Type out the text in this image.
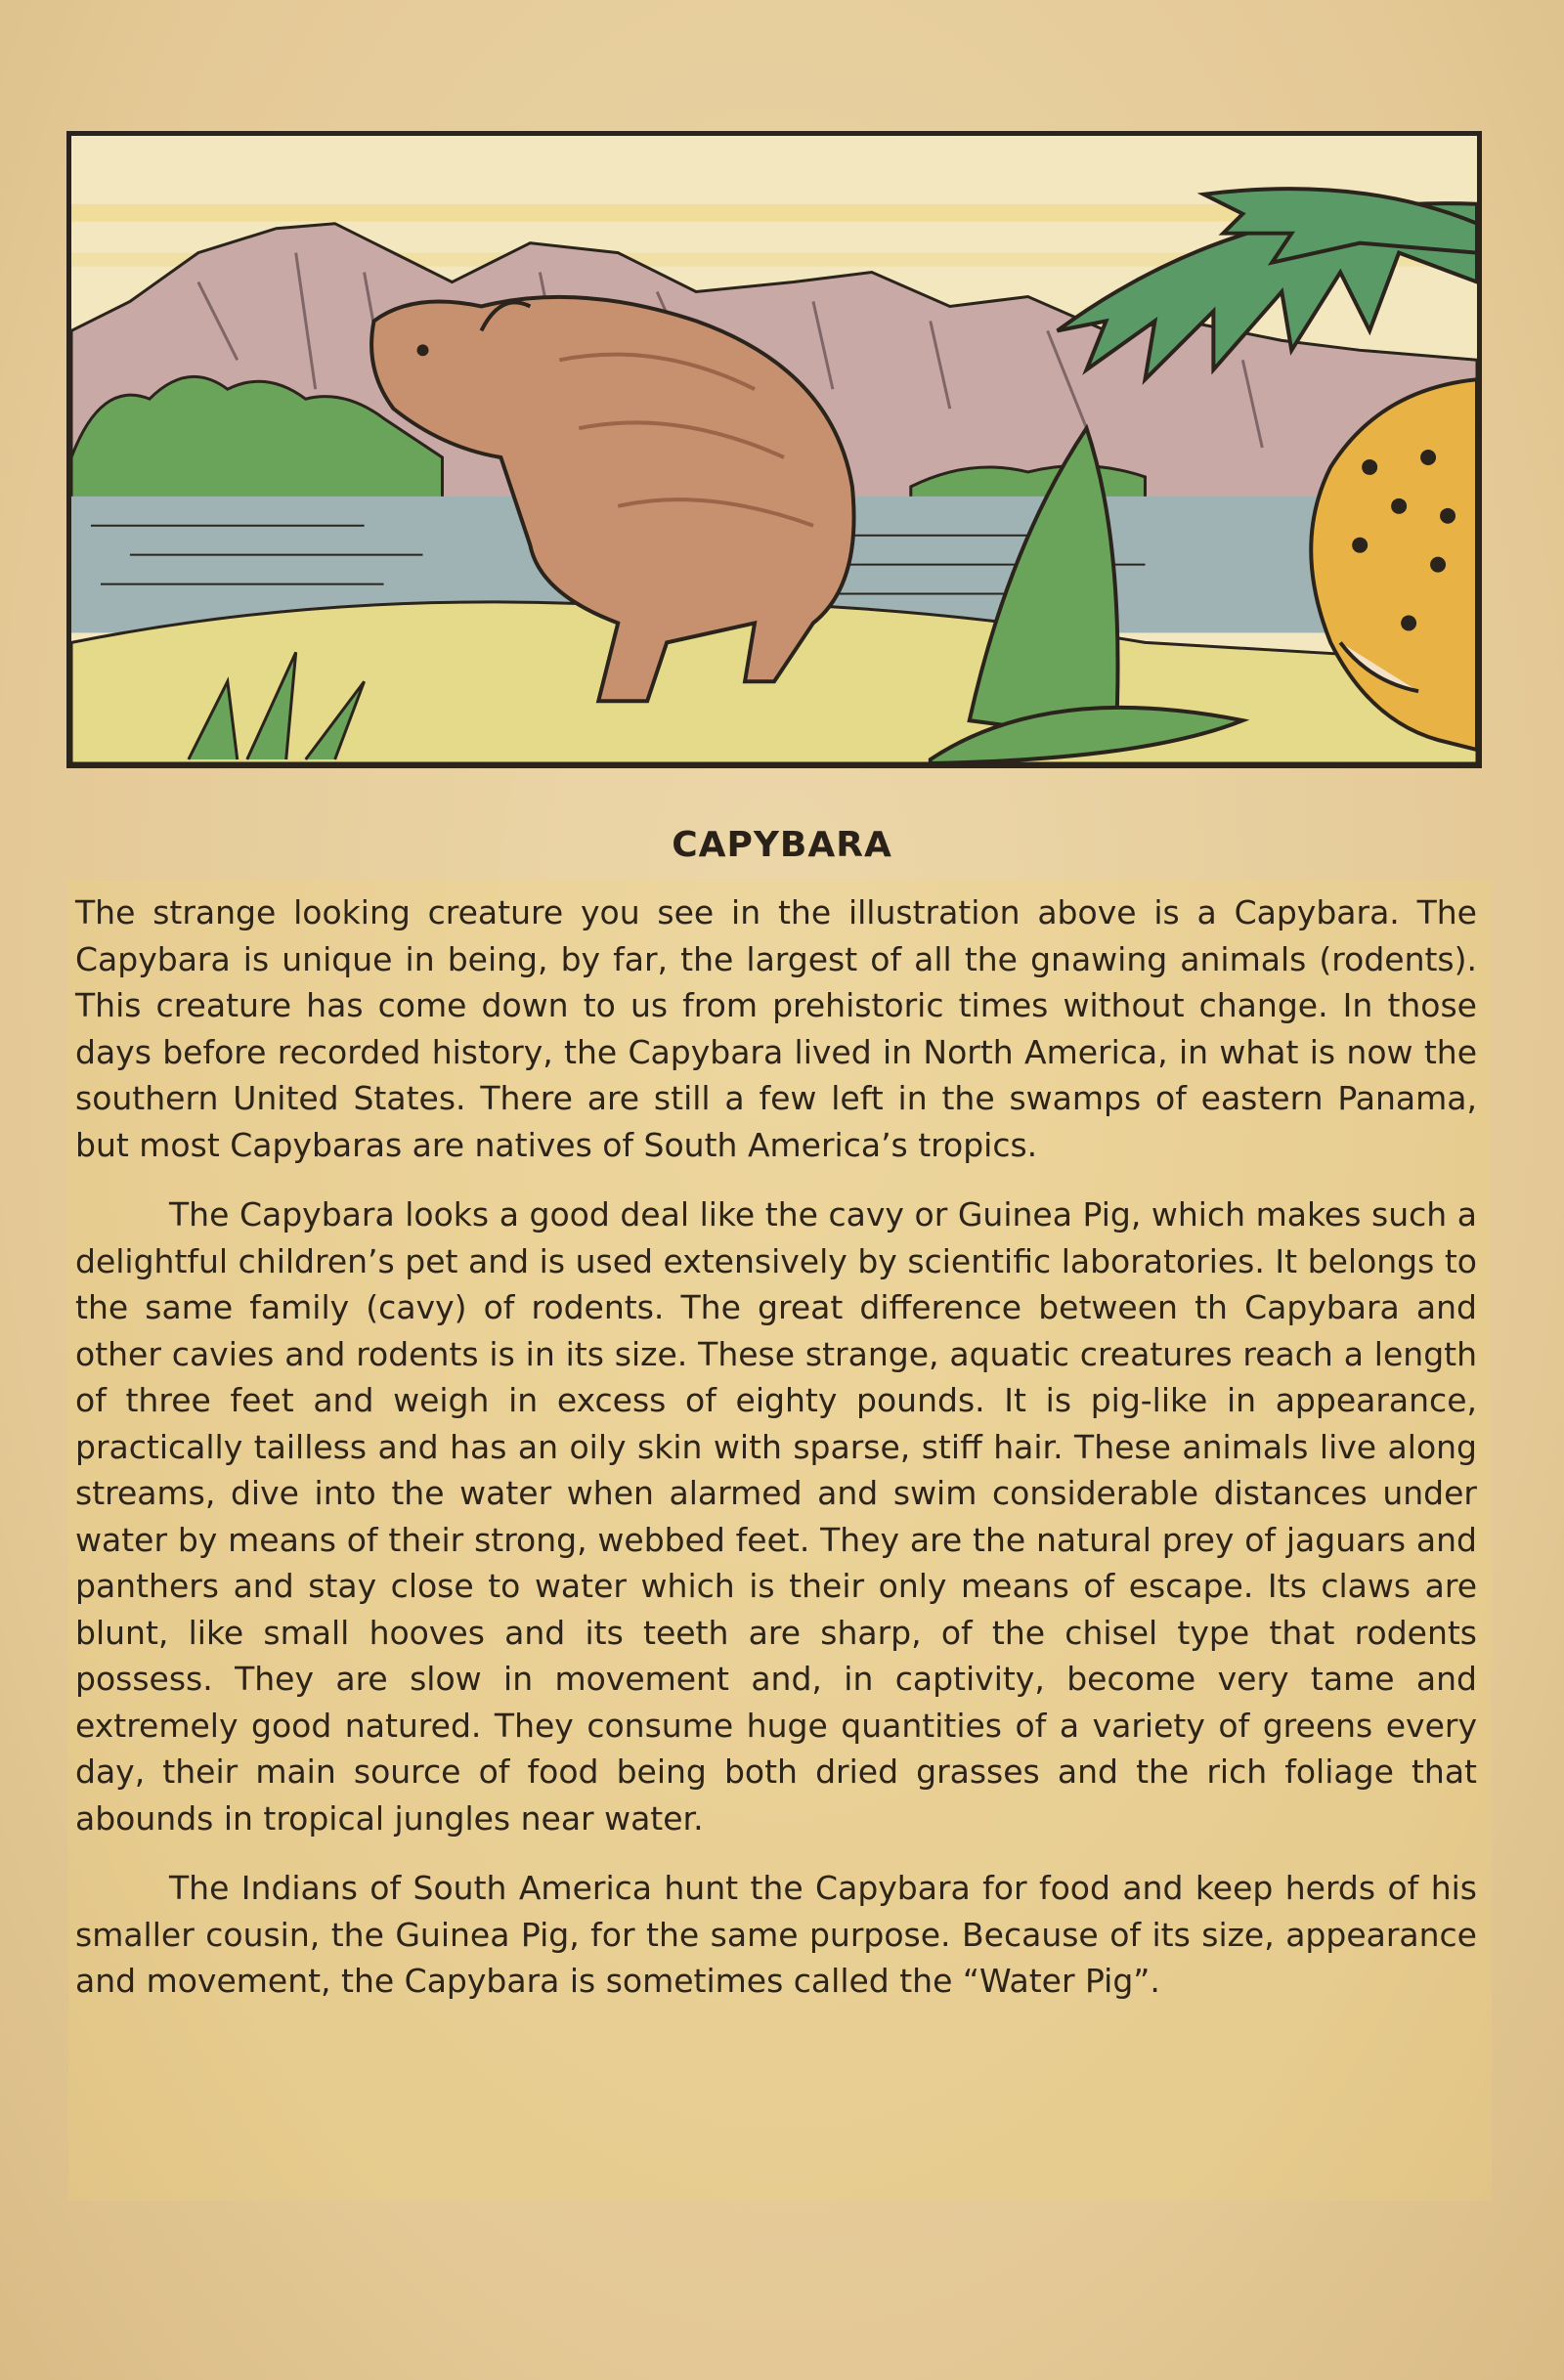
CAPYBARA

The strange looking creature you see in the illustration above is a Capybara. The Capybara is unique in being, by far, the largest of all the gnawing animals (rodents). This creature has come down to us from prehistoric times without change. In those days before recorded history, the Capybara lived in North America, in what is now the southern United States. There are still a few left in the swamps of eastern Panama, but most Capybaras are natives of South America’s tropics.

The Capybara looks a good deal like the cavy or Guinea Pig, which makes such a delightful children’s pet and is used extensively by scientific laboratories. It belongs to the same family (cavy) of rodents. The great difference between th Capybara and other cavies and rodents is in its size. These strange, aquatic creatures reach a length of three feet and weigh in excess of eighty pounds. It is pig-like in appearance, practically tailless and has an oily skin with sparse, stiff hair. These animals live along streams, dive into the water when alarmed and swim considerable distances under water by means of their strong, webbed feet. They are the natural prey of jaguars and panthers and stay close to water which is their only means of escape. Its claws are blunt, like small hooves and its teeth are sharp, of the chisel type that rodents possess. They are slow in movement and, in captivity, become very tame and extremely good natured. They consume huge quantities of a variety of greens every day, their main source of food being both dried grasses and the rich foliage that abounds in tropical jungles near water.

The Indians of South America hunt the Capybara for food and keep herds of his smaller cousin, the Guinea Pig, for the same purpose. Because of its size, appearance and movement, the Capybara is sometimes called the “Water Pig”.
